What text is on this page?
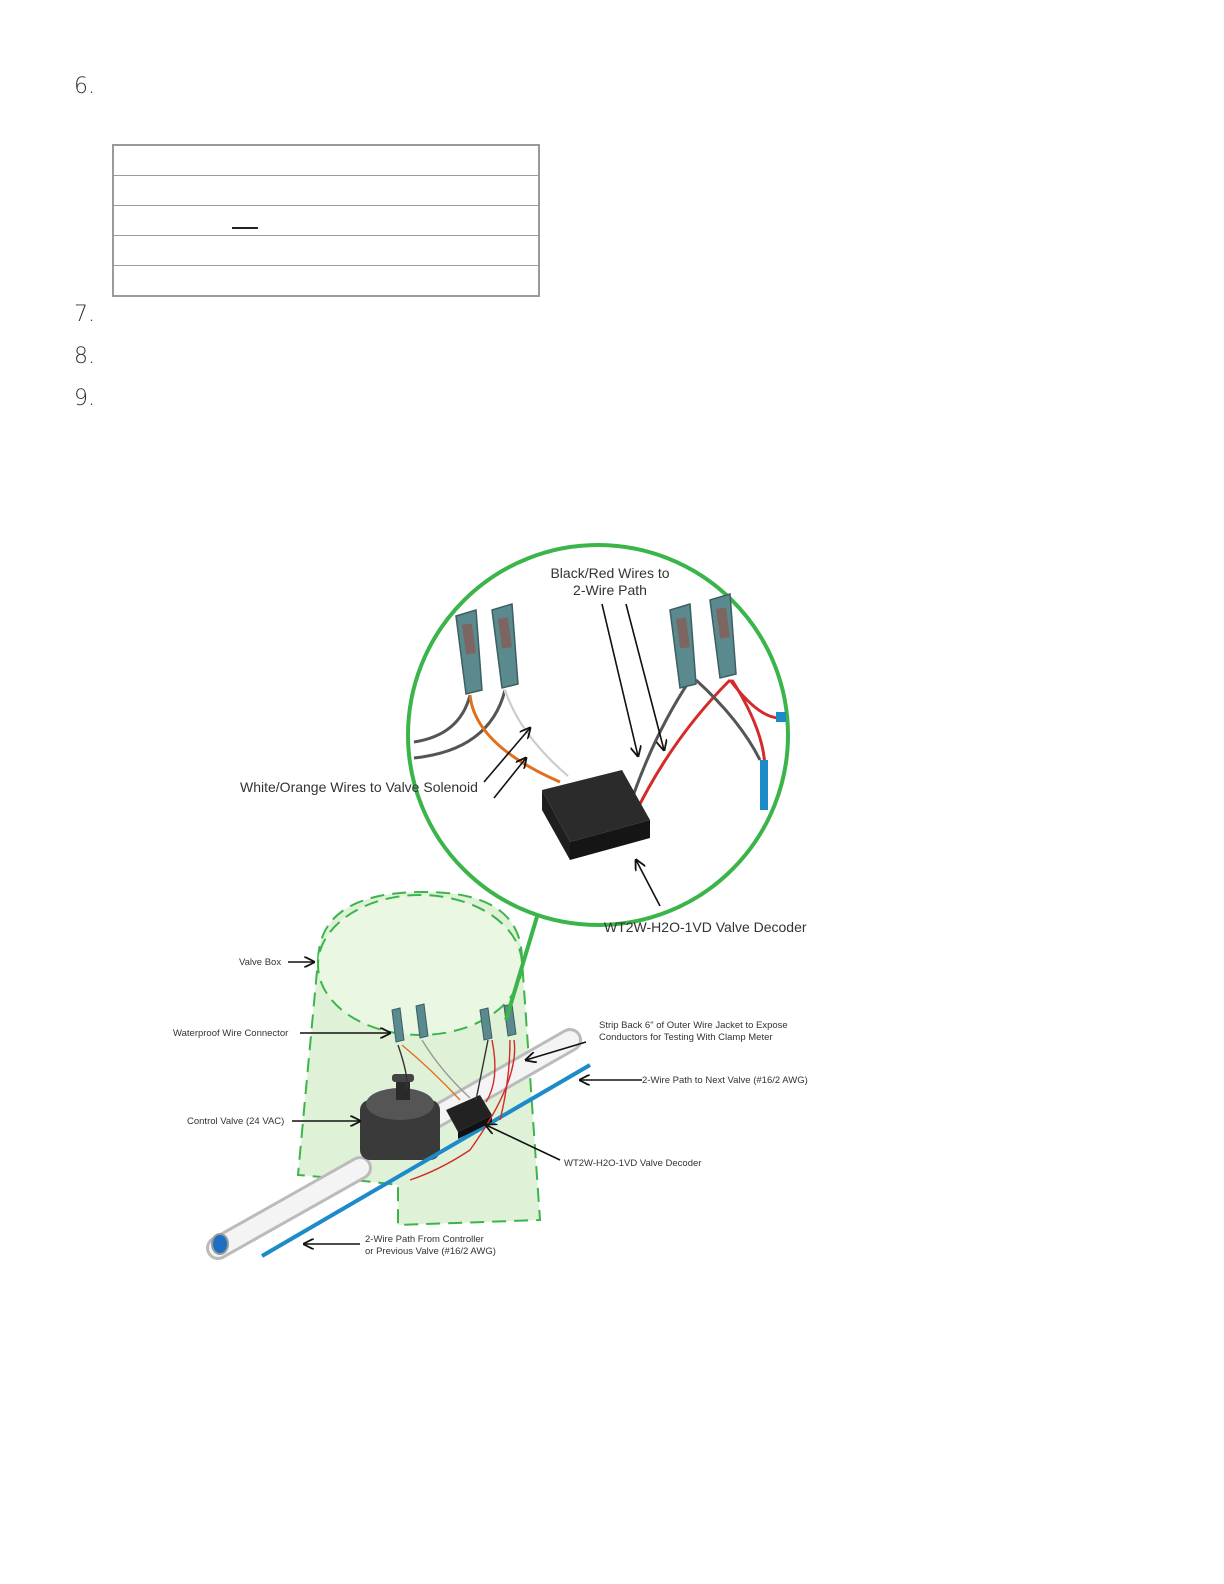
6.

7.
8.
9.
Black/Red Wires to
2-Wire Path
White/Orange Wires to Valve Solenoid
WT2W-H2O-1VD Valve Decoder
Valve Box
Waterproof Wire Connector
Strip Back 6" of Outer Wire Jacket to Expose
Conductors for Testing With Clamp Meter
2-Wire Path to Next Valve (#16/2 AWG)
Control Valve (24 VAC)
WT2W-H2O-1VD Valve Decoder
2-Wire Path From Controller
or Previous Valve (#16/2 AWG)
